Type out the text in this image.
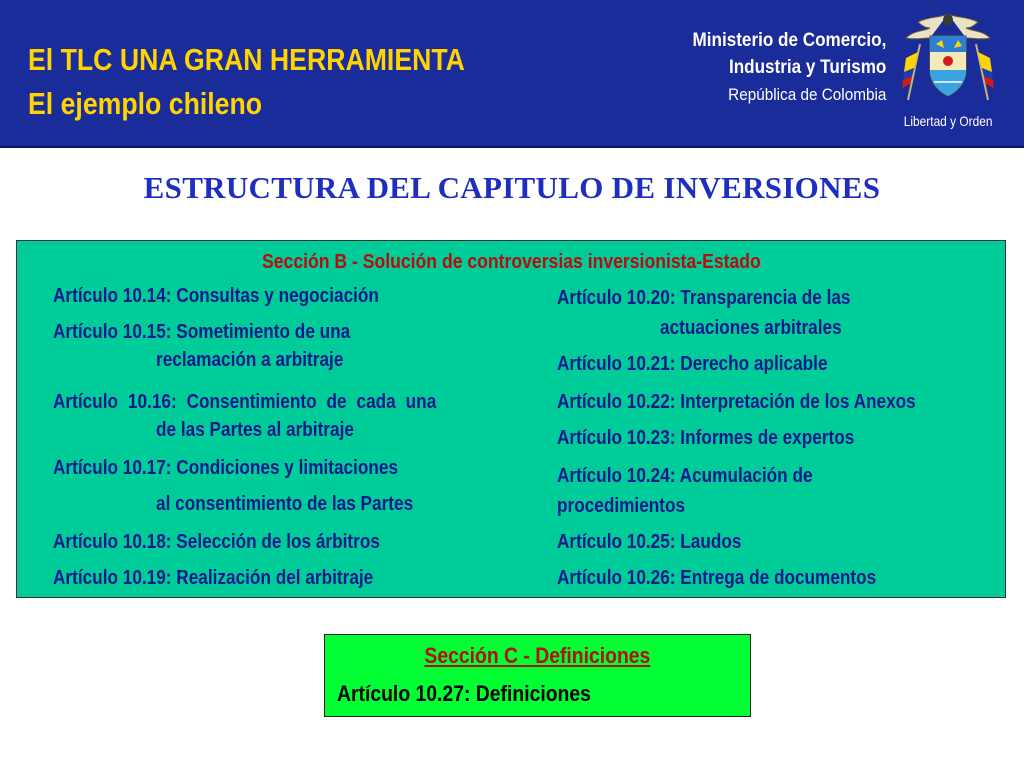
El TLC UNA GRAN HERRAMIENTA
El ejemplo chileno
Ministerio de Comercio,
Industria y Turismo
República de Colombia
Libertad y Orden
ESTRUCTURA DEL CAPITULO DE INVERSIONES
Sección B - Solución de controversias inversionista-Estado
Artículo 10.14: Consultas y negociación
Artículo 10.15: Sometimiento de una
reclamación a arbitraje
Artículo 10.16: Consentimiento de cada una
de las Partes al arbitraje
Artículo 10.17: Condiciones y limitaciones
al consentimiento de las Partes
Artículo 10.18: Selección de los árbitros
Artículo 10.19: Realización del arbitraje
Artículo 10.20: Transparencia de las
actuaciones arbitrales
Artículo 10.21: Derecho aplicable
Artículo 10.22: Interpretación de los Anexos
Artículo 10.23: Informes de expertos
Artículo 10.24: Acumulación de
procedimientos
Artículo 10.25: Laudos
Artículo 10.26: Entrega de documentos
Sección C - Definiciones
Artículo 10.27: Definiciones
